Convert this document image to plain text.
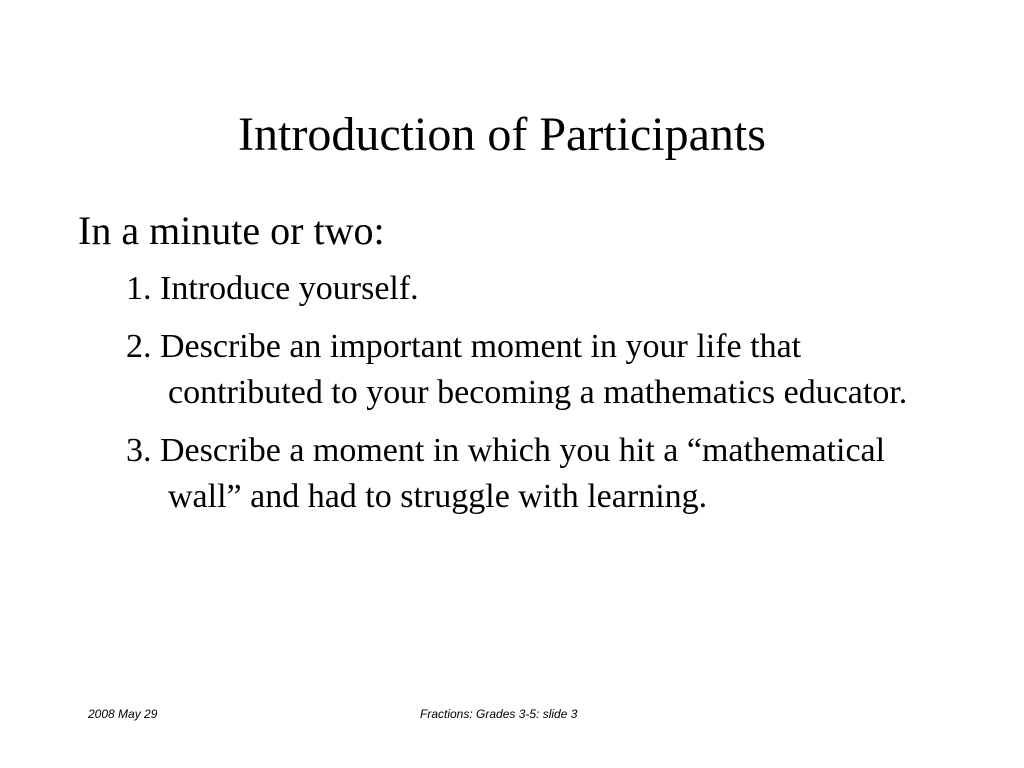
Introduction of Participants

In a minute or two:

1. Introduce yourself.
2. Describe an important moment in your life that contributed to your becoming a mathematics educator.
3. Describe a moment in which you hit a “mathematical wall” and had to struggle with learning.
2008 May 29	Fractions: Grades 3-5: slide 3
